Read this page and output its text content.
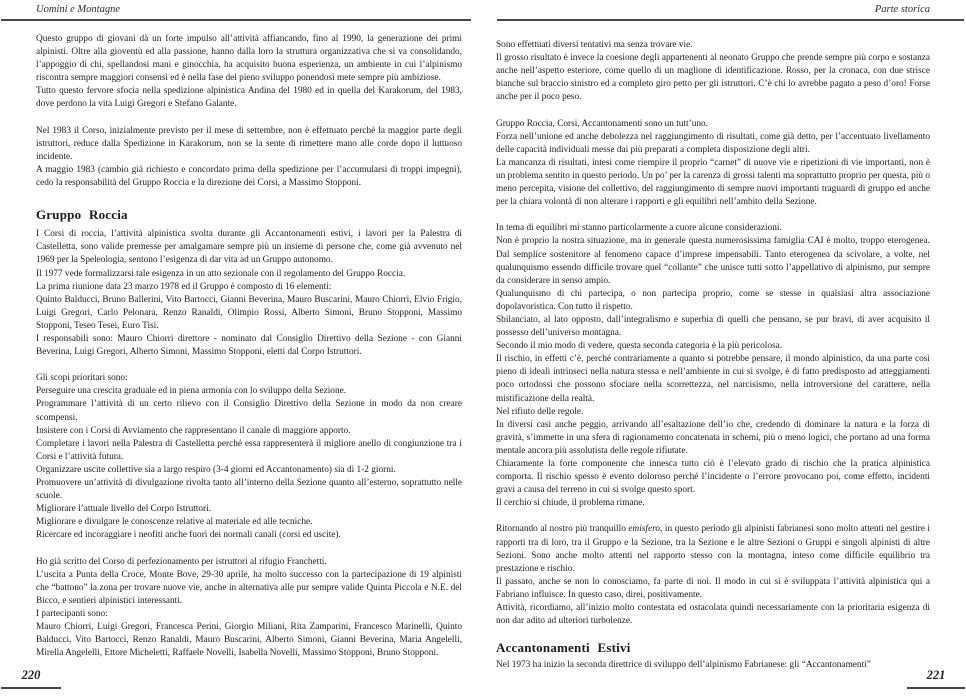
Uomini e Montagne

Questo gruppo di giovani dà un forte impulso all’attività affiancando, fino al 1990, la generazione dei primi alpinisti. Oltre alla gioventù ed alla passione, hanno dalla loro la struttura organizzativa che si va consolidando, l’appoggio di chi, spellandosi mani e ginocchia, ha acquisito buona esperienza, un ambiente in cui l’alpinismo riscontra sempre maggiori consensi ed è nella fase del pieno sviluppo ponendosi mete sempre più ambiziose.

Tutto questo fervore sfocia nella spedizione alpinistica Andina del 1980 ed in quella del Karakorum, del 1983, dove perdono la vita Luigi Gregori e Stefano Galante.

Nel 1983 il Corso, inizialmente previsto per il mese di settembre, non è effettuato perchè la maggior parte degli istruttori, reduce dalla Spedizione in Karakorum, non se la sente di rimettere mano alle corde dopo il luttuoso incidente.

A maggio 1983 (cambio già richiesto e concordato prima della spedizione per l’accumularsi di troppi impegni), cedo la responsabilità del Gruppo Roccia e la direzione dei Corsi, a Massimo Stopponi.

Gruppo Roccia

I Corsi di roccia, l’attività alpinistica svolta durante gli Accantonamenti estivi, i lavori per la Palestra di Castelletta, sono valide premesse per amalgamare sempre più un insieme di persone che, come già avvenuto nel 1969 per la Speleologia, sentono l’esigenza di dar vita ad un Gruppo autonomo.

Il 1977 vede formalizzarsi tale esigenza in un atto sezionale con il regolamento del Gruppo Roccia.

La prima riunione data 23 marzo 1978 ed il Gruppo è composto di 16 elementi:

Quinto Balducci, Bruno Ballerini, Vito Bartocci, Gianni Beverina, Mauro Buscarini, Mauro Chiorri, Elvio Frigio, Luigi Gregori, Carlo Pelonara, Renzo Ranaldi, Olimpio Rossi, Alberto Simoni, Bruno Stopponi, Massimo Stopponi, Teseo Tesei, Euro Tisi.

I responsabili sono: Mauro Chiorri direttore - nominato dal Consiglio Direttivo della Sezione - con Gianni Beverina, Luigi Gregori, Alberto Simoni, Massimo Stopponi, eletti dal Corpo Istruttori.

Gli scopi prioritari sono:

Perseguire una crescita graduale ed in piena armonia con lo sviluppo della Sezione.

Programmare l’attività di un certo rilievo con il Consiglio Direttivo della Sezione in modo da non creare scompensi.

Insistere con i Corsi di Avviamento che rappresentano il canale di maggiore apporto.

Completare i lavori nella Palestra di Castelletta perché essa rappresenterà il migliore anello di congiunzione tra i Corsi e l’attività futura.

Organizzare uscite collettive sia a largo respiro (3-4 giorni ed Accantonamento) sia di 1-2 giorni.

Promuovere un’attività di divulgazione rivolta tanto all’interno della Sezione quanto all’esterno, soprattutto nelle scuole.

Migliorare l’attuale livello del Corpo Istruttori.

Migliorare e divulgare le conoscenze relative al materiale ed alle tecniche.

Ricercare ed incoraggiare i neofiti anche fuori dei normali canali (corsi ed uscite).

Ho già scritto del Corso di perfezionamento per istruttori al rifugio Franchetti.

L’uscita a Punta della Croce, Monte Bove, 29-30 aprile, ha molto successo con la partecipazione di 19 alpinisti che “battono” la zona per trovare nuove vie, anche in alternativa alle pur sempre valide Quinta Piccola e N.E. del Bicco, e sentieri alpinistici interessanti.

I partecipanti sono:

Mauro Chiorri, Luigi Gregori, Francesca Perini, Giorgio Miliani, Rita Zamparini, Francesco Marinelli, Quinto Balducci, Vito Bartocci, Renzo Ranaldi, Mauro Buscarini, Alberto Simoni, Gianni Beverina, Maria Angelelli, Mirella Angelelli, Ettore Micheletti, Raffaele Novelli, Isabella Novelli, Massimo Stopponi, Bruno Stopponi.

220
Parte storica

Sono effettuati diversi tentativi ma senza trovare vie.

Il grosso risultato è invece la coesione degli appartenenti al neonato Gruppo che prende sempre più corpo e sostanza anche nell’aspetto esteriore, come quello di un maglione di identificazione. Rosso, per la cronaca, con due strisce bianche sul braccio sinistro ed a completo giro petto per gli istruttori. C’è chi lo avrebbe pagato a peso d’oro! Forse anche per il poco peso.

Gruppo Roccia, Corsi, Accantonamenti sono un tutt’uno.

Forza nell’unione ed anche debolezza nel raggiungimento di risultati, come già detto, per l’accentuato livellamento delle capacità individuali messe dai più preparati a completa disposizione degli altri.

La mancanza di risultati, intesi come riempire il proprio “carnet” di nuove vie e ripetizioni di vie importanti, non è un problema sentito in questo periodo. Un po’ per la carenza di grossi talenti ma soprattutto proprio per questa, più o meno percepita, visione del collettivo, del raggiungimento di sempre nuovi importanti traguardi di gruppo ed anche per la chiara volontà di non alterare i rapporti e gli equilibri nell’ambito della Sezione.

In tema di equilibri mi stanno particolarmente a cuore alcune considerazioni.

Non è proprio la nostra situazione, ma in generale questa numerosissima famiglia CAI è molto, troppo eterogenea. Dal semplice sostenitore al fenomeno capace d’imprese impensabili. Tanto eterogenea da scivolare, a volte, nel qualunquismo essendo difficile trovare quel “collante” che unisce tutti sotto l’appellativo di alpinismo, pur sempre da considerare in senso ampio.

Qualunquismo di chi partecipa, o non partecipa proprio, come se stesse in qualsiasi altra associazione dopolavoristica. Con tutto il rispetto.

Sbilanciato, al lato opposto, dall’integralismo e superbia di quelli che pensano, se pur bravi, di aver acquisito il possesso dell’universo montagna.

Secondo il mio modo di vedere, questa seconda categoria è la più pericolosa.

Il rischio, in effetti c’è, perché contrariamente a quanto si potrebbe pensare, il mondo alpinistico, da una parte così pieno di ideali intrinseci nella natura stessa e nell’ambiente in cui si svolge, è di fatto predisposto ad atteggiamenti poco ortodossi che possono sfociare nella scorrettezza, nel narcisismo, nella introversione del carattere, nella mistificazione della realtà.

Nel rifiuto delle regole.

In diversi casi anche peggio, arrivando all’esaltazione dell’io che, credendo di dominare la natura e la forza di gravità, s’immette in una sfera di ragionamento concatenata in schemi, più o meno logici, che portano ad una forma mentale ancora più assolutista delle regole rifiutate.

Chiaramente la forte componente che innesca tutto ciò è l’elevato grado di rischio che la pratica alpinistica comporta. Il rischio spesso è evento doloroso perché l’incidente o l’errore provocano poi, come effetto, incidenti gravi a causa del terreno in cui si svolge questo sport.

Il cerchio si chiude, il problema rimane.

Ritornando al nostro più tranquillo emisfero, in questo periodo gli alpinisti fabrianesi sono molto attenti nel gestire i rapporti tra di loro, tra il Gruppo e la Sezione, tra la Sezione e le altre Sezioni o Gruppi e singoli alpinisti di altre Sezioni. Sono anche molto attenti nel rapporto stesso con la montagna, inteso come difficile equilibrio tra prestazione e rischio.

Il passato, anche se non lo conosciamo, fa parte di noi. Il modo in cui si è sviluppata l’attività alpinistica qui a Fabriano influisce. In questo caso, direi, positivamente.

Attività, ricordiamo, all’inizio molto contestata ed ostacolata quindi necessariamente con la prioritaria esigenza di non dar adito ad ulteriori turbolenze.

Accantonamenti Estivi

Nel 1973 ha inizio la seconda direttrice di sviluppo dell’alpinismo Fabrianese: gli “Accantonamenti”

221
